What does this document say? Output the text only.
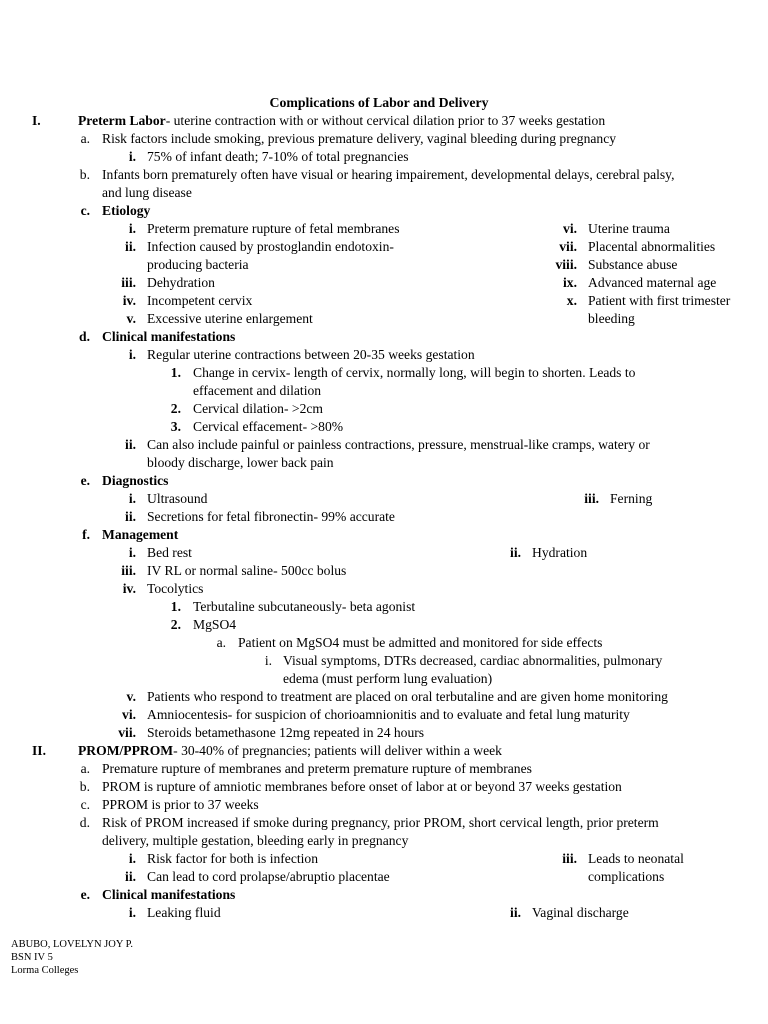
Complications of Labor and Delivery
I.	Preterm Labor- uterine contraction with or without cervical dilation prior to 37 weeks gestation
a. Risk factors include smoking, previous premature delivery, vaginal bleeding during pregnancy
i. 75% of infant death; 7-10% of total pregnancies
b. Infants born prematurely often have visual or hearing impairement, developmental delays, cerebral palsy,
and lung disease
c. Etiology
i. Preterm premature rupture of fetal membranes
ii. Infection caused by prostoglandin endotoxin-
producing bacteria
iii. Dehydration
iv. Incompetent cervix
v. Excessive uterine enlargement
vi. Uterine trauma
vii. Placental abnormalities
viii. Substance abuse
ix. Advanced maternal age
x. Patient with first trimester
bleeding
d. Clinical manifestations
i. Regular uterine contractions between 20-35 weeks gestation
1. Change in cervix- length of cervix, normally long, will begin to shorten. Leads to
effacement and dilation
2. Cervical dilation- >2cm
3. Cervical effacement- >80%
ii. Can also include painful or painless contractions, pressure, menstrual-like cramps, watery or
bloody discharge, lower back pain
e. Diagnostics
i. Ultrasound	iii. Ferning
ii. Secretions for fetal fibronectin- 99% accurate
f. Management
i. Bed rest	ii. Hydration
iii. IV RL or normal saline- 500cc bolus
iv. Tocolytics
1. Terbutaline subcutaneously- beta agonist
2. MgSO4
a. Patient on MgSO4 must be admitted and monitored for side effects
i. Visual symptoms, DTRs decreased, cardiac abnormalities, pulmonary
edema (must perform lung evaluation)
v. Patients who respond to treatment are placed on oral terbutaline and are given home monitoring
vi. Amniocentesis- for suspicion of chorioamnionitis and to evaluate and fetal lung maturity
vii. Steroids betamethasone 12mg repeated in 24 hours
II. PROM/PPROM- 30-40% of pregnancies; patients will deliver within a week
a. Premature rupture of membranes and preterm premature rupture of membranes
b. PROM is rupture of amniotic membranes before onset of labor at or beyond 37 weeks gestation
c. PPROM is prior to 37 weeks
d. Risk of PROM increased if smoke during pregnancy, prior PROM, short cervical length, prior preterm
delivery, multiple gestation, bleeding early in pregnancy
i. Risk factor for both is infection
ii. Can lead to cord prolapse/abruptio placentae
iii. Leads to neonatal
complications
e. Clinical manifestations
i. Leaking fluid	ii. Vaginal discharge
ABUBO, LOVELYN JOY P.
BSN IV 5
Lorma Colleges
